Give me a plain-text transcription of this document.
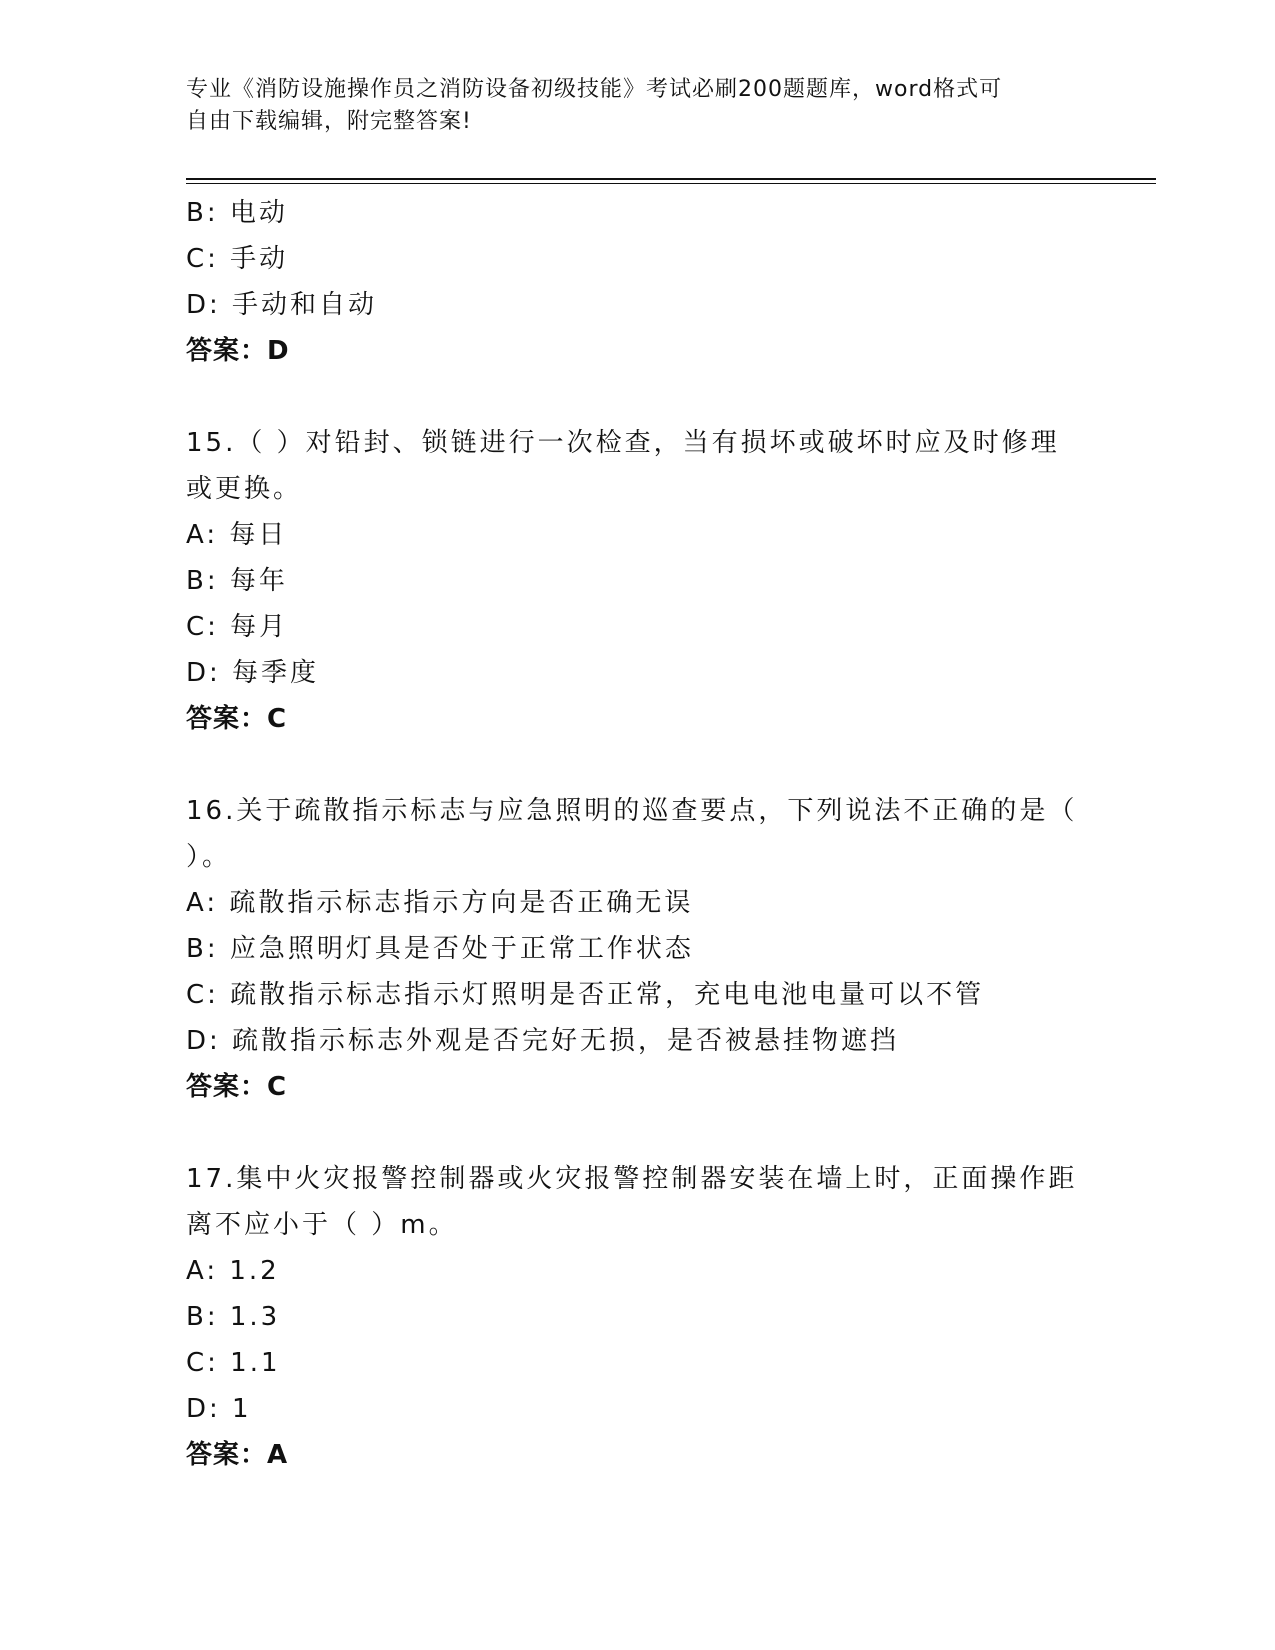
专业《消防设施操作员之消防设备初级技能》考试必刷200题题库，word格式可
自由下载编辑，附完整答案!
B: 电动
C: 手动
D: 手动和自动
答案：D
15.（ ）对铅封、锁链进行一次检查，当有损坏或破坏时应及时修理
或更换。
A: 每日
B: 每年
C: 每月
D: 每季度
答案：C
16.关于疏散指示标志与应急照明的巡查要点，下列说法不正确的是（
）。
A: 疏散指示标志指示方向是否正确无误
B: 应急照明灯具是否处于正常工作状态
C: 疏散指示标志指示灯照明是否正常，充电电池电量可以不管
D: 疏散指示标志外观是否完好无损，是否被悬挂物遮挡
答案：C
17.集中火灾报警控制器或火灾报警控制器安装在墙上时，正面操作距
离不应小于（ ）m。
A: 1.2
B: 1.3
C: 1.1
D: 1
答案：A
